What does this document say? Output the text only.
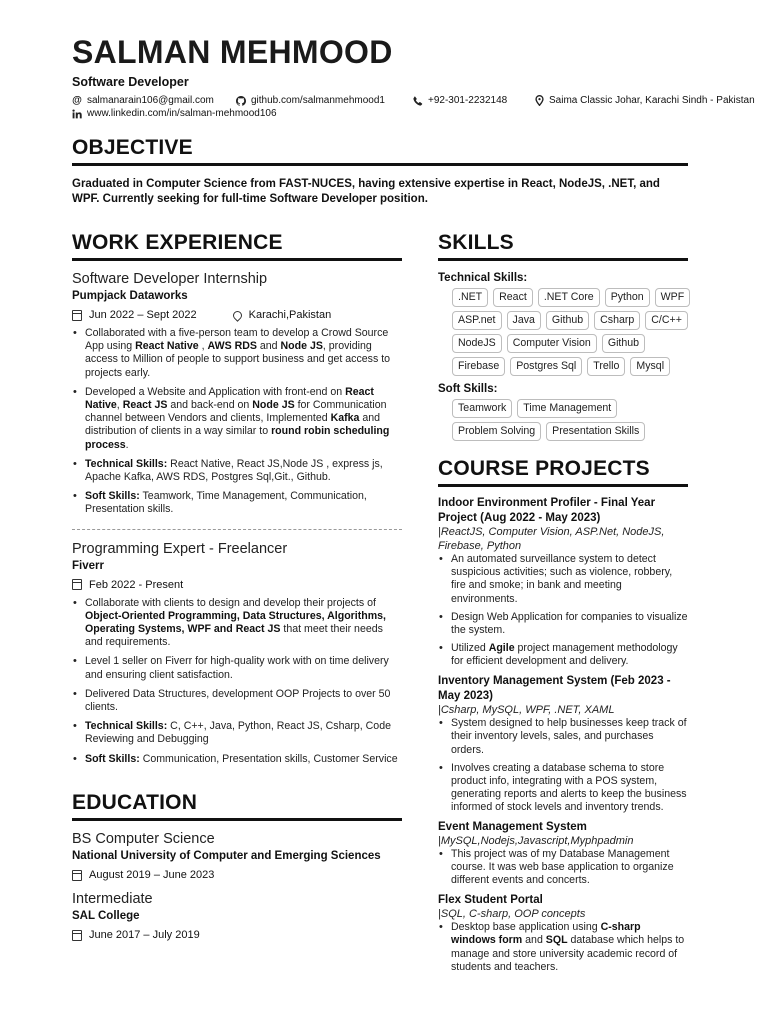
SALMAN MEHMOOD
Software Developer
@ salmanarain106@gmail.com	github.com/salmanmehmood1	+92-301-2232148	Saima Classic Johar, Karachi Sindh - Pakistan
www.linkedin.com/in/salman-mehmood106
OBJECTIVE
Graduated in Computer Science from FAST-NUCES, having extensive expertise in React, NodeJS, .NET, and WPF. Currently seeking for full-time Software Developer position.
WORK EXPERIENCE
Software Developer Internship
Pumpjack Dataworks
Jun 2022 – Sept 2022	Karachi,Pakistan
• Collaborated with a five-person team to develop a Crowd Source App using React Native , AWS RDS and Node JS, providing access to Million of people to support business and get access to projects early.
• Developed a Website and Application with front-end on React Native, React JS and back-end on Node JS for Communication channel between Vendors and clients, Implemented Kafka and distribution of clients in a way similar to round robin scheduling process.
• Technical Skills: React Native, React JS,Node JS , express js, Apache Kafka, AWS RDS, Postgres Sql,Git., Github.
• Soft Skills: Teamwork, Time Management, Communication, Presentation skills.
Programming Expert - Freelancer
Fiverr
Feb 2022 - Present
• Collaborate with clients to design and develop their projects of Object-Oriented Programming, Data Structures, Algorithms, Operating Systems, WPF and React JS that meet their needs and requirements.
• Level 1 seller on Fiverr for high-quality work with on time delivery and ensuring client satisfaction.
• Delivered Data Structures, development OOP Projects to over 50 clients.
• Technical Skills: C, C++, Java, Python, React JS, Csharp, Code Reviewing and Debugging
• Soft Skills: Communication, Presentation skills, Customer Service
EDUCATION
BS Computer Science
National University of Computer and Emerging Sciences
August 2019 – June 2023
Intermediate
SAL College
June 2017 – July 2019
SKILLS
Technical Skills:
.NET	React	.NET Core	Python	WPF
ASP.net	Java	Github	Csharp	C/C++
NodeJS	Computer Vision	Github
Firebase	Postgres Sql	Trello	Mysql
Soft Skills:
Teamwork	Time Management
Problem Solving	Presentation Skills
COURSE PROJECTS
Indoor Environment Profiler - Final Year Project (Aug 2022 - May 2023)
|ReactJS, Computer Vision, ASP.Net, NodeJS, Firebase, Python
• An automated surveillance system to detect suspicious activities; such as violence, robbery, fire and smoke; in bank and meeting environments.
• Design Web Application for companies to visualize the system.
• Utilized Agile project management methodology for efficient development and delivery.
Inventory Management System (Feb 2023 - May 2023)
|Csharp, MySQL, WPF, .NET, XAML
• System designed to help businesses keep track of their inventory levels, sales, and purchases orders.
• Involves creating a database schema to store product info, integrating with a POS system, generating reports and alerts to keep the business informed of stock levels and inventory trends.
Event Management System
|MySQL,Nodejs,Javascript,Myphpadmin
• This project was of my Database Management course. It was web base application to organize different events and concerts.
Flex Student Portal
|SQL, C-sharp, OOP concepts
• Desktop base application using C-sharp windows form and SQL database which helps to manage and store university academic record of students and teachers.
